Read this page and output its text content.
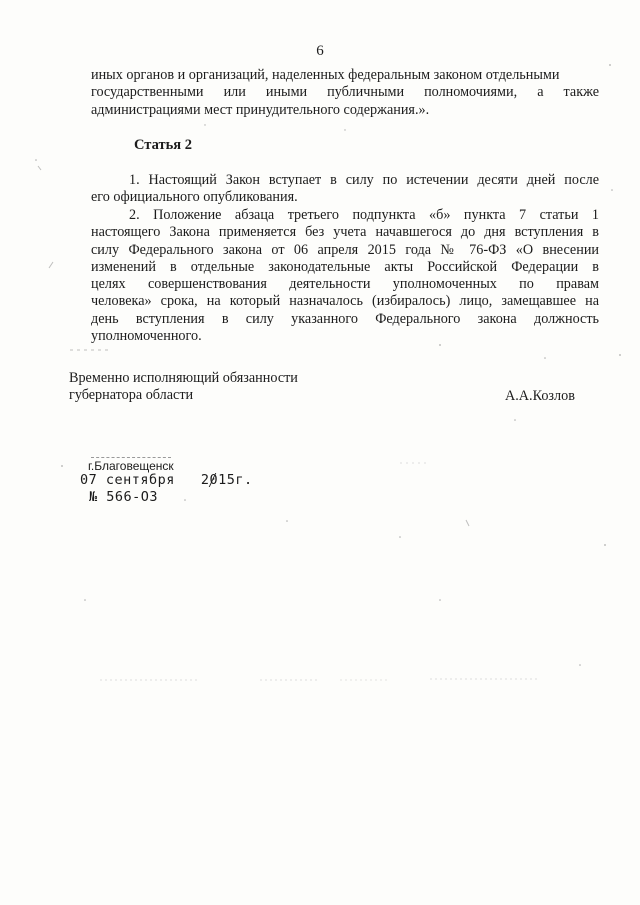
6
иных органов и организаций, наделенных федеральным законом отдельными
государственными или иными публичными полномочиями, а также
администрациями мест принудительного содержания.».
Статья 2
1. Настоящий Закон вступает в силу по истечении десяти дней после
его официального опубликования.
2. Положение абзаца третьего подпункта «б» пункта 7 статьи 1
настоящего Закона применяется без учета начавшегося до дня вступления в
силу Федерального закона от 06 апреля 2015 года № 76-ФЗ «О внесении
изменений в отдельные законодательные акты Российской Федерации в
целях совершенствования деятельности уполномоченных по правам
человека» срока, на который назначалось (избиралось) лицо, замещавшее на
день вступления в силу указанного Федерального закона должность
уполномоченного.
Временно исполняющий обязанности
губернатора области	А.А.Козлов
г.Благовещенск
07 сентября 2015г.
№ 566-ОЗ
